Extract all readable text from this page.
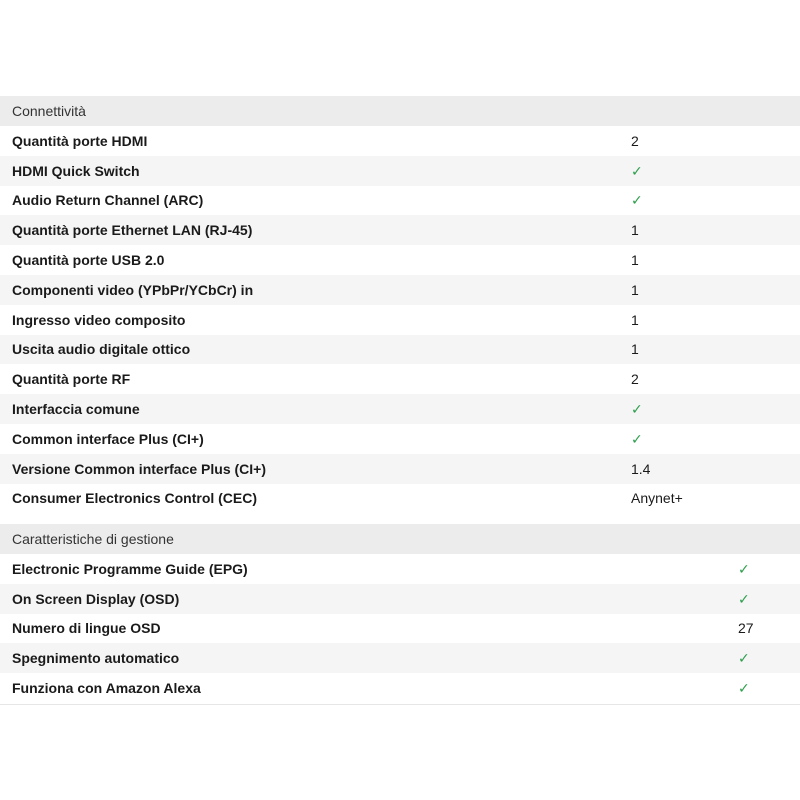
Connettività
Quantità porte HDMI	2
HDMI Quick Switch	✓
Audio Return Channel (ARC)	✓
Quantità porte Ethernet LAN (RJ-45)	1
Quantità porte USB 2.0	1
Componenti video (YPbPr/YCbCr) in	1
Ingresso video composito	1
Uscita audio digitale ottico	1
Quantità porte RF	2
Interfaccia comune	✓
Common interface Plus (CI+)	✓
Versione Common interface Plus (CI+)	1.4
Consumer Electronics Control (CEC)	Anynet+
Caratteristiche di gestione
Electronic Programme Guide (EPG)	✓
On Screen Display (OSD)	✓
Numero di lingue OSD	27
Spegnimento automatico	✓
Funziona con Amazon Alexa	✓
